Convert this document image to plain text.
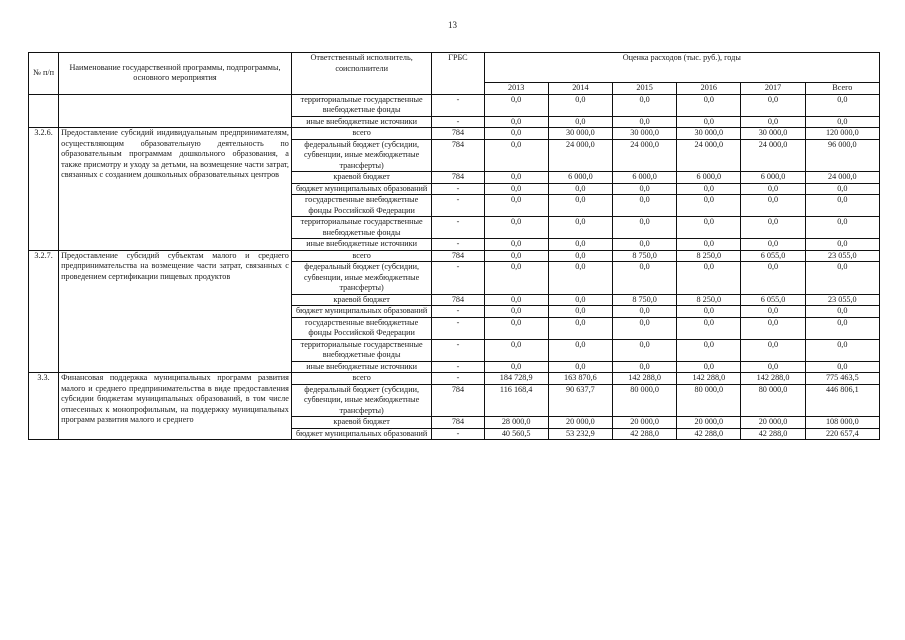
13
№ п/п	Наименование государственной программы, подпрограммы, основного мероприятия	Ответственный исполнитель, соисполнители	ГРБС	Оценка расходов (тыс. руб.), годы					
				2013	2014	2015	2016	2017	Всего
		территориальные государственные внебюджетные фонды	-	0,0	0,0	0,0	0,0	0,0	0,0
		иные внебюджетные источники	-	0,0	0,0	0,0	0,0	0,0	0,0
3.2.6.	Предоставление субсидий индивидуальным предпринимателям, осуществляющим образовательную деятельность по образовательным программам дошкольного образования, а также присмотру и уходу за детьми, на возмещение части затрат, связанных с созданием дошкольных образовательных центров	всего	784	0,0	30 000,0	30 000,0	30 000,0	30 000,0	120 000,0
		федеральный бюджет (субсидии, субвенции, иные межбюджетные трансферты)	784	0,0	24 000,0	24 000,0	24 000,0	24 000,0	96 000,0
		краевой бюджет	784	0,0	6 000,0	6 000,0	6 000,0	6 000,0	24 000,0
		бюджет муниципальных образований	-	0,0	0,0	0,0	0,0	0,0	0,0
		государственные внебюджетные фонды Российской Федерации	-	0,0	0,0	0,0	0,0	0,0	0,0
		территориальные государственные внебюджетные фонды	-	0,0	0,0	0,0	0,0	0,0	0,0
		иные внебюджетные источники	-	0,0	0,0	0,0	0,0	0,0	0,0
3.2.7.	Предоставление субсидий субъектам малого и среднего предпринимательства на возмещение части затрат, связанных с проведением сертификации пищевых продуктов	всего	784	0,0	0,0	8 750,0	8 250,0	6 055,0	23 055,0
		федеральный бюджет (субсидии, субвенции, иные межбюджетные трансферты)	-	0,0	0,0	0,0	0,0	0,0	0,0
		краевой бюджет	784	0,0	0,0	8 750,0	8 250,0	6 055,0	23 055,0
		бюджет муниципальных образований	-	0,0	0,0	0,0	0,0	0,0	0,0
		государственные внебюджетные фонды Российской Федерации	-	0,0	0,0	0,0	0,0	0,0	0,0
		территориальные государственные внебюджетные фонды	-	0,0	0,0	0,0	0,0	0,0	0,0
		иные внебюджетные источники	-	0,0	0,0	0,0	0,0	0,0	0,0
3.3.	Финансовая поддержка муниципальных программ развития малого и среднего предпринимательства в виде предоставления субсидии бюджетам муниципальных образований, в том числе отнесенных к монопрофильным, на поддержку муниципальных программ развития малого и среднего	всего	-	184 728,9	163 870,6	142 288,0	142 288,0	142 288,0	775 463,5
		федеральный бюджет (субсидии, субвенции, иные межбюджетные трансферты)	784	116 168,4	90 637,7	80 000,0	80 000,0	80 000,0	446 806,1
		краевой бюджет	784	28 000,0	20 000,0	20 000,0	20 000,0	20 000,0	108 000,0
		бюджет муниципальных образований	-	40 560,5	53 232,9	42 288,0	42 288,0	42 288,0	220 657,4
